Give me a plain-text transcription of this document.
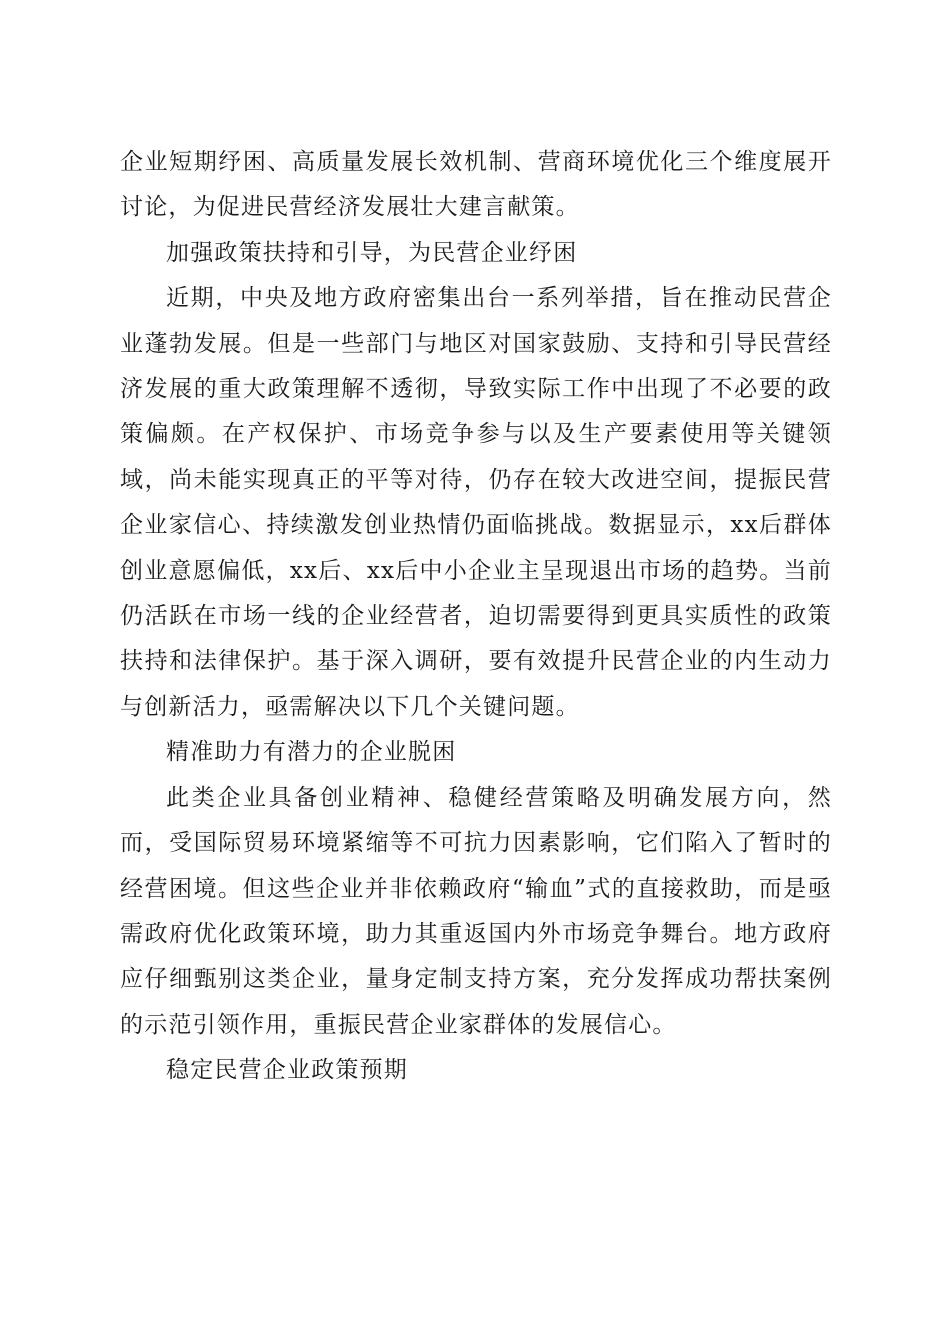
企业短期纾困、高质量发展长效机制、营商环境优化三个维度展开讨论，为促进民营经济发展壮大建言献策。

加强政策扶持和引导，为民营企业纾困

近期，中央及地方政府密集出台一系列举措，旨在推动民营企业蓬勃发展。但是一些部门与地区对国家鼓励、支持和引导民营经济发展的重大政策理解不透彻，导致实际工作中出现了不必要的政策偏颇。在产权保护、市场竞争参与以及生产要素使用等关键领域，尚未能实现真正的平等对待，仍存在较大改进空间，提振民营企业家信心、持续激发创业热情仍面临挑战。数据显示，xx后群体创业意愿偏低，xx后、xx后中小企业主呈现退出市场的趋势。当前仍活跃在市场一线的企业经营者，迫切需要得到更具实质性的政策扶持和法律保护。基于深入调研，要有效提升民营企业的内生动力与创新活力，亟需解决以下几个关键问题。

精准助力有潜力的企业脱困

此类企业具备创业精神、稳健经营策略及明确发展方向，然而，受国际贸易环境紧缩等不可抗力因素影响，它们陷入了暂时的经营困境。但这些企业并非依赖政府“输血”式的直接救助，而是亟需政府优化政策环境，助力其重返国内外市场竞争舞台。地方政府应仔细甄别这类企业，量身定制支持方案，充分发挥成功帮扶案例的示范引领作用，重振民营企业家群体的发展信心。

稳定民营企业政策预期
